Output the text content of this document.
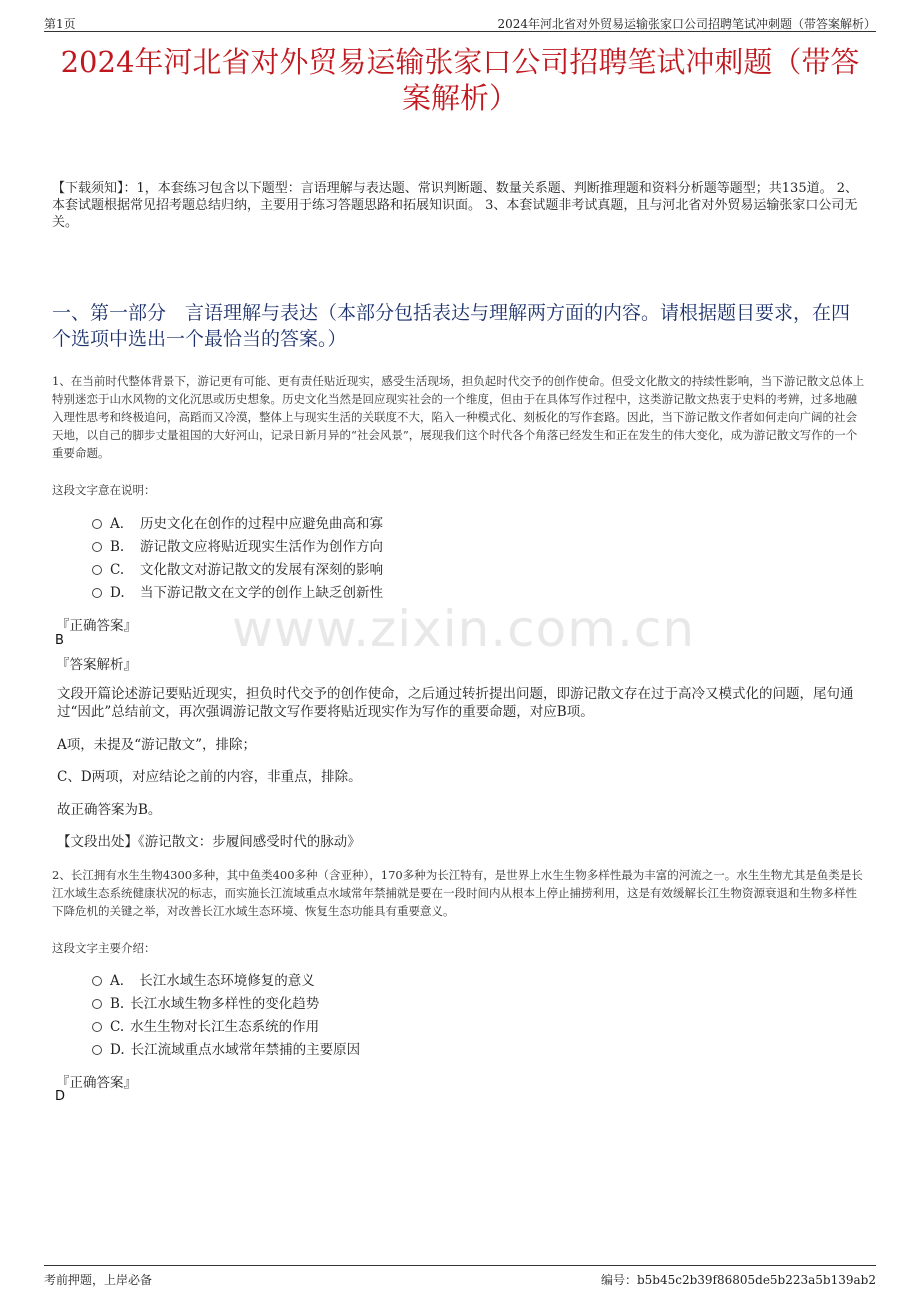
第1页	2024年河北省对外贸易运输张家口公司招聘笔试冲刺题（带答案解析）
2024年河北省对外贸易运输张家口公司招聘笔试冲刺题（带答案解析）
【下载须知】：1，本套练习包含以下题型：言语理解与表达题、常识判断题、数量关系题、判断推理题和资料分析题等题型；共135道。 2、本套试题根据常见招考题总结归纳，主要用于练习答题思路和拓展知识面。 3、本套试题非考试真题，且与河北省对外贸易运输张家口公司无关。
一、第一部分　言语理解与表达（本部分包括表达与理解两方面的内容。请根据题目要求，在四个选项中选出一个最恰当的答案。）
1、在当前时代整体背景下，游记更有可能、更有责任贴近现实，感受生活现场，担负起时代交予的创作使命。但受文化散文的持续性影响，当下游记散文总体上特别迷恋于山水风物的文化沉思或历史想象。历史文化当然是回应现实社会的一个维度，但由于在具体写作过程中，这类游记散文热衷于史料的考辨，过多地融入理性思考和终极追问，高蹈而又冷漠，整体上与现实生活的关联度不大，陷入一种模式化、刻板化的写作套路。因此，当下游记散文作者如何走向广阔的社会天地，以自己的脚步丈量祖国的大好河山，记录日新月异的“社会风景”，展现我们这个时代各个角落已经发生和正在发生的伟大变化，成为游记散文写作的一个重要命题。
这段文字意在说明：
A． 历史文化在创作的过程中应避免曲高和寡
B. 游记散文应将贴近现实生活作为创作方向
C. 文化散文对游记散文的发展有深刻的影响
D. 当下游记散文在文学的创作上缺乏创新性
『正确答案』
B
『答案解析』
文段开篇论述游记要贴近现实，担负时代交予的创作使命，之后通过转折提出问题，即游记散文存在过于高冷又模式化的问题，尾句通过“因此”总结前文，再次强调游记散文写作要将贴近现实作为写作的重要命题，对应B项。
A项，未提及“游记散文”，排除；
C、D两项，对应结论之前的内容，非重点，排除。
故正确答案为B。
【文段出处】《游记散文：步履间感受时代的脉动》
2、长江拥有水生生物4300多种，其中鱼类400多种（含亚种），170多种为长江特有，是世界上水生生物多样性最为丰富的河流之一。水生生物尤其是鱼类是长江水域生态系统健康状况的标志，而实施长江流域重点水域常年禁捕就是要在一段时间内从根本上停止捕捞利用，这是有效缓解长江生物资源衰退和生物多样性下降危机的关键之举，对改善长江水域生态环境、恢复生态功能具有重要意义。
这段文字主要介绍：
A． 长江水域生态环境修复的意义
B. 长江水域生物多样性的变化趋势
C. 水生生物对长江生态系统的作用
D. 长江流域重点水域常年禁捕的主要原因
『正确答案』
D
www.zixin.com.cn
考前押题，上岸必备	编号：b5b45c2b39f86805de5b223a5b139ab2
